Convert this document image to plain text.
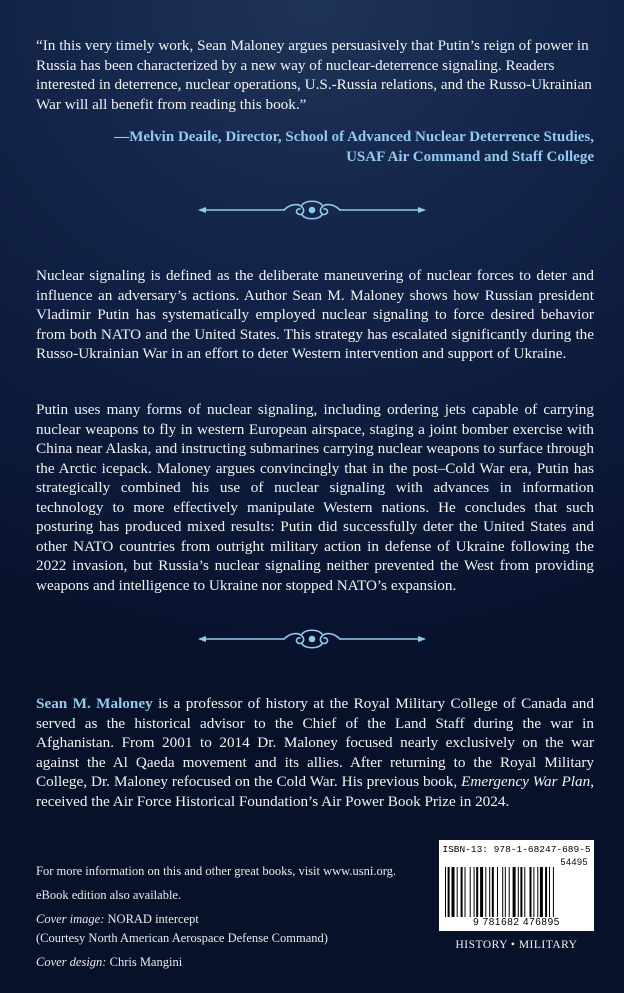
“In this very timely work, Sean Maloney argues persuasively that Putin’s reign of power in Russia has been characterized by a new way of nuclear-deterrence signaling. Readers interested in deterrence, nuclear operations, U.S.-Russia relations, and the Russo-Ukrainian War will all benefit from reading this book.”

—Melvin Deaile, Director, School of Advanced Nuclear Deterrence Studies,
USAF Air Command and Staff College

Nuclear signaling is defined as the deliberate maneuvering of nuclear forces to deter and influence an adversary’s actions. Author Sean M. Maloney shows how Russian president Vladimir Putin has systematically employed nuclear signaling to force desired behavior from both NATO and the United States. This strategy has escalated significantly during the Russo-Ukrainian War in an effort to deter Western intervention and support of Ukraine.

Putin uses many forms of nuclear signaling, including ordering jets capable of carrying nuclear weapons to fly in western European airspace, staging a joint bomber exercise with China near Alaska, and instructing submarines carrying nuclear weapons to surface through the Arctic icepack. Maloney argues convincingly that in the post–Cold War era, Putin has strategically combined his use of nuclear signaling with advances in information technology to more effectively manipulate Western nations. He concludes that such posturing has produced mixed results: Putin did successfully deter the United States and other NATO countries from outright military action in defense of Ukraine following the 2022 invasion, but Russia’s nuclear signaling neither prevented the West from providing weapons and intelligence to Ukraine nor stopped NATO’s expansion.

Sean M. Maloney is a professor of history at the Royal Military College of Canada and served as the historical advisor to the Chief of the Land Staff during the war in Afghanistan. From 2001 to 2014 Dr. Maloney focused nearly exclusively on the war against the Al Qaeda movement and its allies. After returning to the Royal Military College, Dr. Maloney refocused on the Cold War. His previous book, Emergency War Plan, received the Air Force Historical Foundation’s Air Power Book Prize in 2024.

For more information on this and other great books, visit www.usni.org.
eBook edition also available.
Cover image: NORAD intercept
(Courtesy North American Aerospace Defense Command)
Cover design: Chris Mangini
ISBN-13: 978-1-68247-689-5
54495
9 781682 476895
HISTORY • MILITARY
